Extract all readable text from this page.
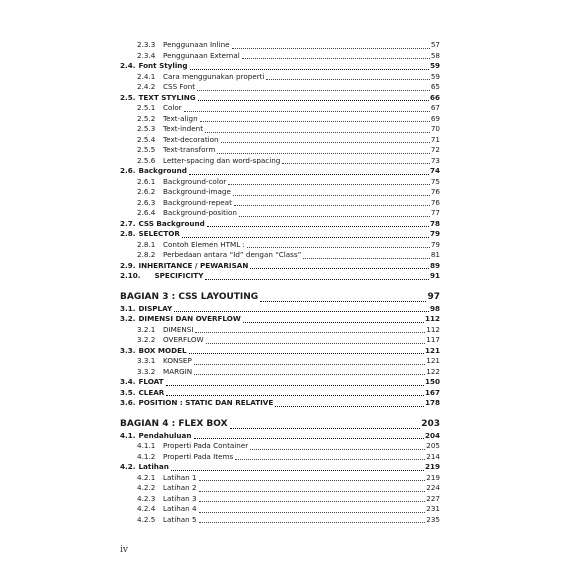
2.3.3	Penggunaan Inline	57
2.3.4	Penggunaan External	58
2.4. Font Styling	59
2.4.1	Cara menggunakan properti	59
2.4.2	CSS Font	65
2.5. TEXT STYLING	66
2.5.1	Color	67
2.5.2	Text-align	69
2.5.3	Text-indent	70
2.5.4	Text-decoration	71
2.5.5	Text-transform	72
2.5.6	Letter-spacing dan word-spacing	73
2.6. Background	74
2.6.1	Background-color	75
2.6.2	Background-image	76
2.6.3	Background-repeat	76
2.6.4	Background-position	77
2.7. CSS Background	78
2.8. SELECTOR	79
2.8.1	Contoh Elemen HTML :	79
2.8.2	Perbedaan antara “Id” dengan “Class”	81
2.9. INHERITANCE / PEWARISAN	89
2.10. SPECIFICITY	91
BAGIAN 3 : CSS LAYOUTING	97
3.1. DISPLAY	98
3.2. DIMENSI DAN OVERFLOW	112
3.2.1	DIMENSI	112
3.2.2	OVERFLOW	117
3.3. BOX MODEL	121
3.3.1	KONSEP	121
3.3.2	MARGIN	122
3.4. FLOAT	150
3.5. CLEAR	167
3.6. POSITION : STATIC DAN RELATIVE	178
BAGIAN 4 : FLEX BOX	203
4.1. Pendahuluan	204
4.1.1	Properti Pada Container	205
4.1.2	Properti Pada Items	214
4.2. Latihan	219
4.2.1	Latihan 1	219
4.2.2	Latihan 2	224
4.2.3	Latihan 3	227
4.2.4	Latihan 4	231
4.2.5	Latihan 5	235
iv
